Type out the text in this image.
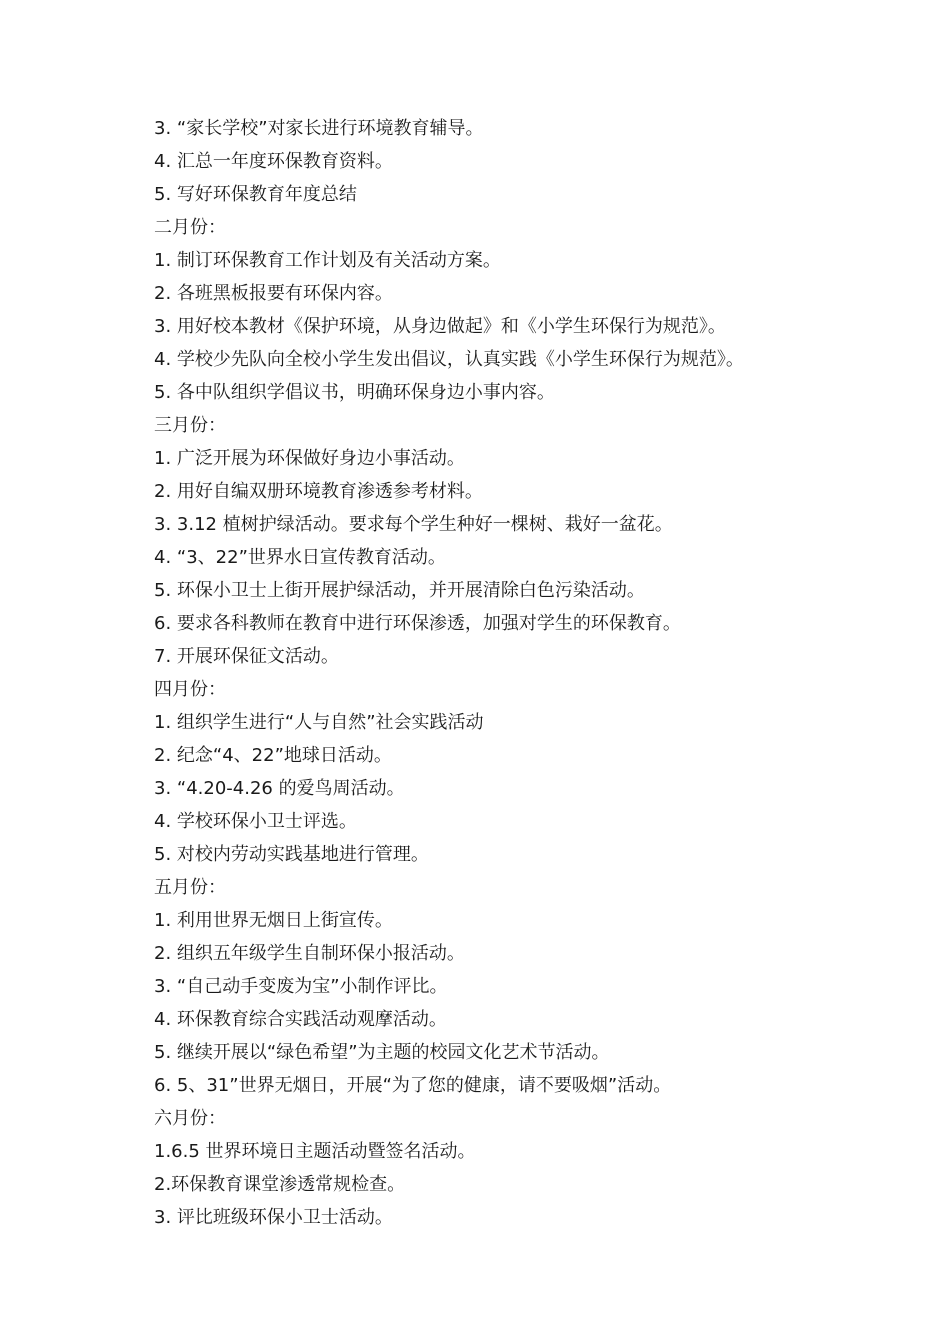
3. “家长学校”对家长进行环境教育辅导。
4. 汇总一年度环保教育资料。
5. 写好环保教育年度总结
二月份：
1. 制订环保教育工作计划及有关活动方案。
2. 各班黑板报要有环保内容。
3. 用好校本教材《保护环境，从身边做起》和《小学生环保行为规范》。
4. 学校少先队向全校小学生发出倡议，认真实践《小学生环保行为规范》。
5. 各中队组织学倡议书，明确环保身边小事内容。
三月份：
1. 广泛开展为环保做好身边小事活动。
2. 用好自编双册环境教育渗透参考材料。
3. 3.12 植树护绿活动。要求每个学生种好一棵树、栽好一盆花。
4. “3、22”世界水日宣传教育活动。
5. 环保小卫士上街开展护绿活动，并开展清除白色污染活动。
6. 要求各科教师在教育中进行环保渗透，加强对学生的环保教育。
7. 开展环保征文活动。
四月份：
1. 组织学生进行“人与自然”社会实践活动
2. 纪念“4、22”地球日活动。
3. “4.20-4.26 的爱鸟周活动。
4. 学校环保小卫士评选。
5. 对校内劳动实践基地进行管理。
五月份：
1. 利用世界无烟日上街宣传。
2. 组织五年级学生自制环保小报活动。
3. “自己动手变废为宝”小制作评比。
4. 环保教育综合实践活动观摩活动。
5. 继续开展以“绿色希望”为主题的校园文化艺术节活动。
6. 5、31”世界无烟日，开展“为了您的健康，请不要吸烟”活动。
六月份：
1.6.5 世界环境日主题活动暨签名活动。
2.环保教育课堂渗透常规检查。
3. 评比班级环保小卫士活动。
